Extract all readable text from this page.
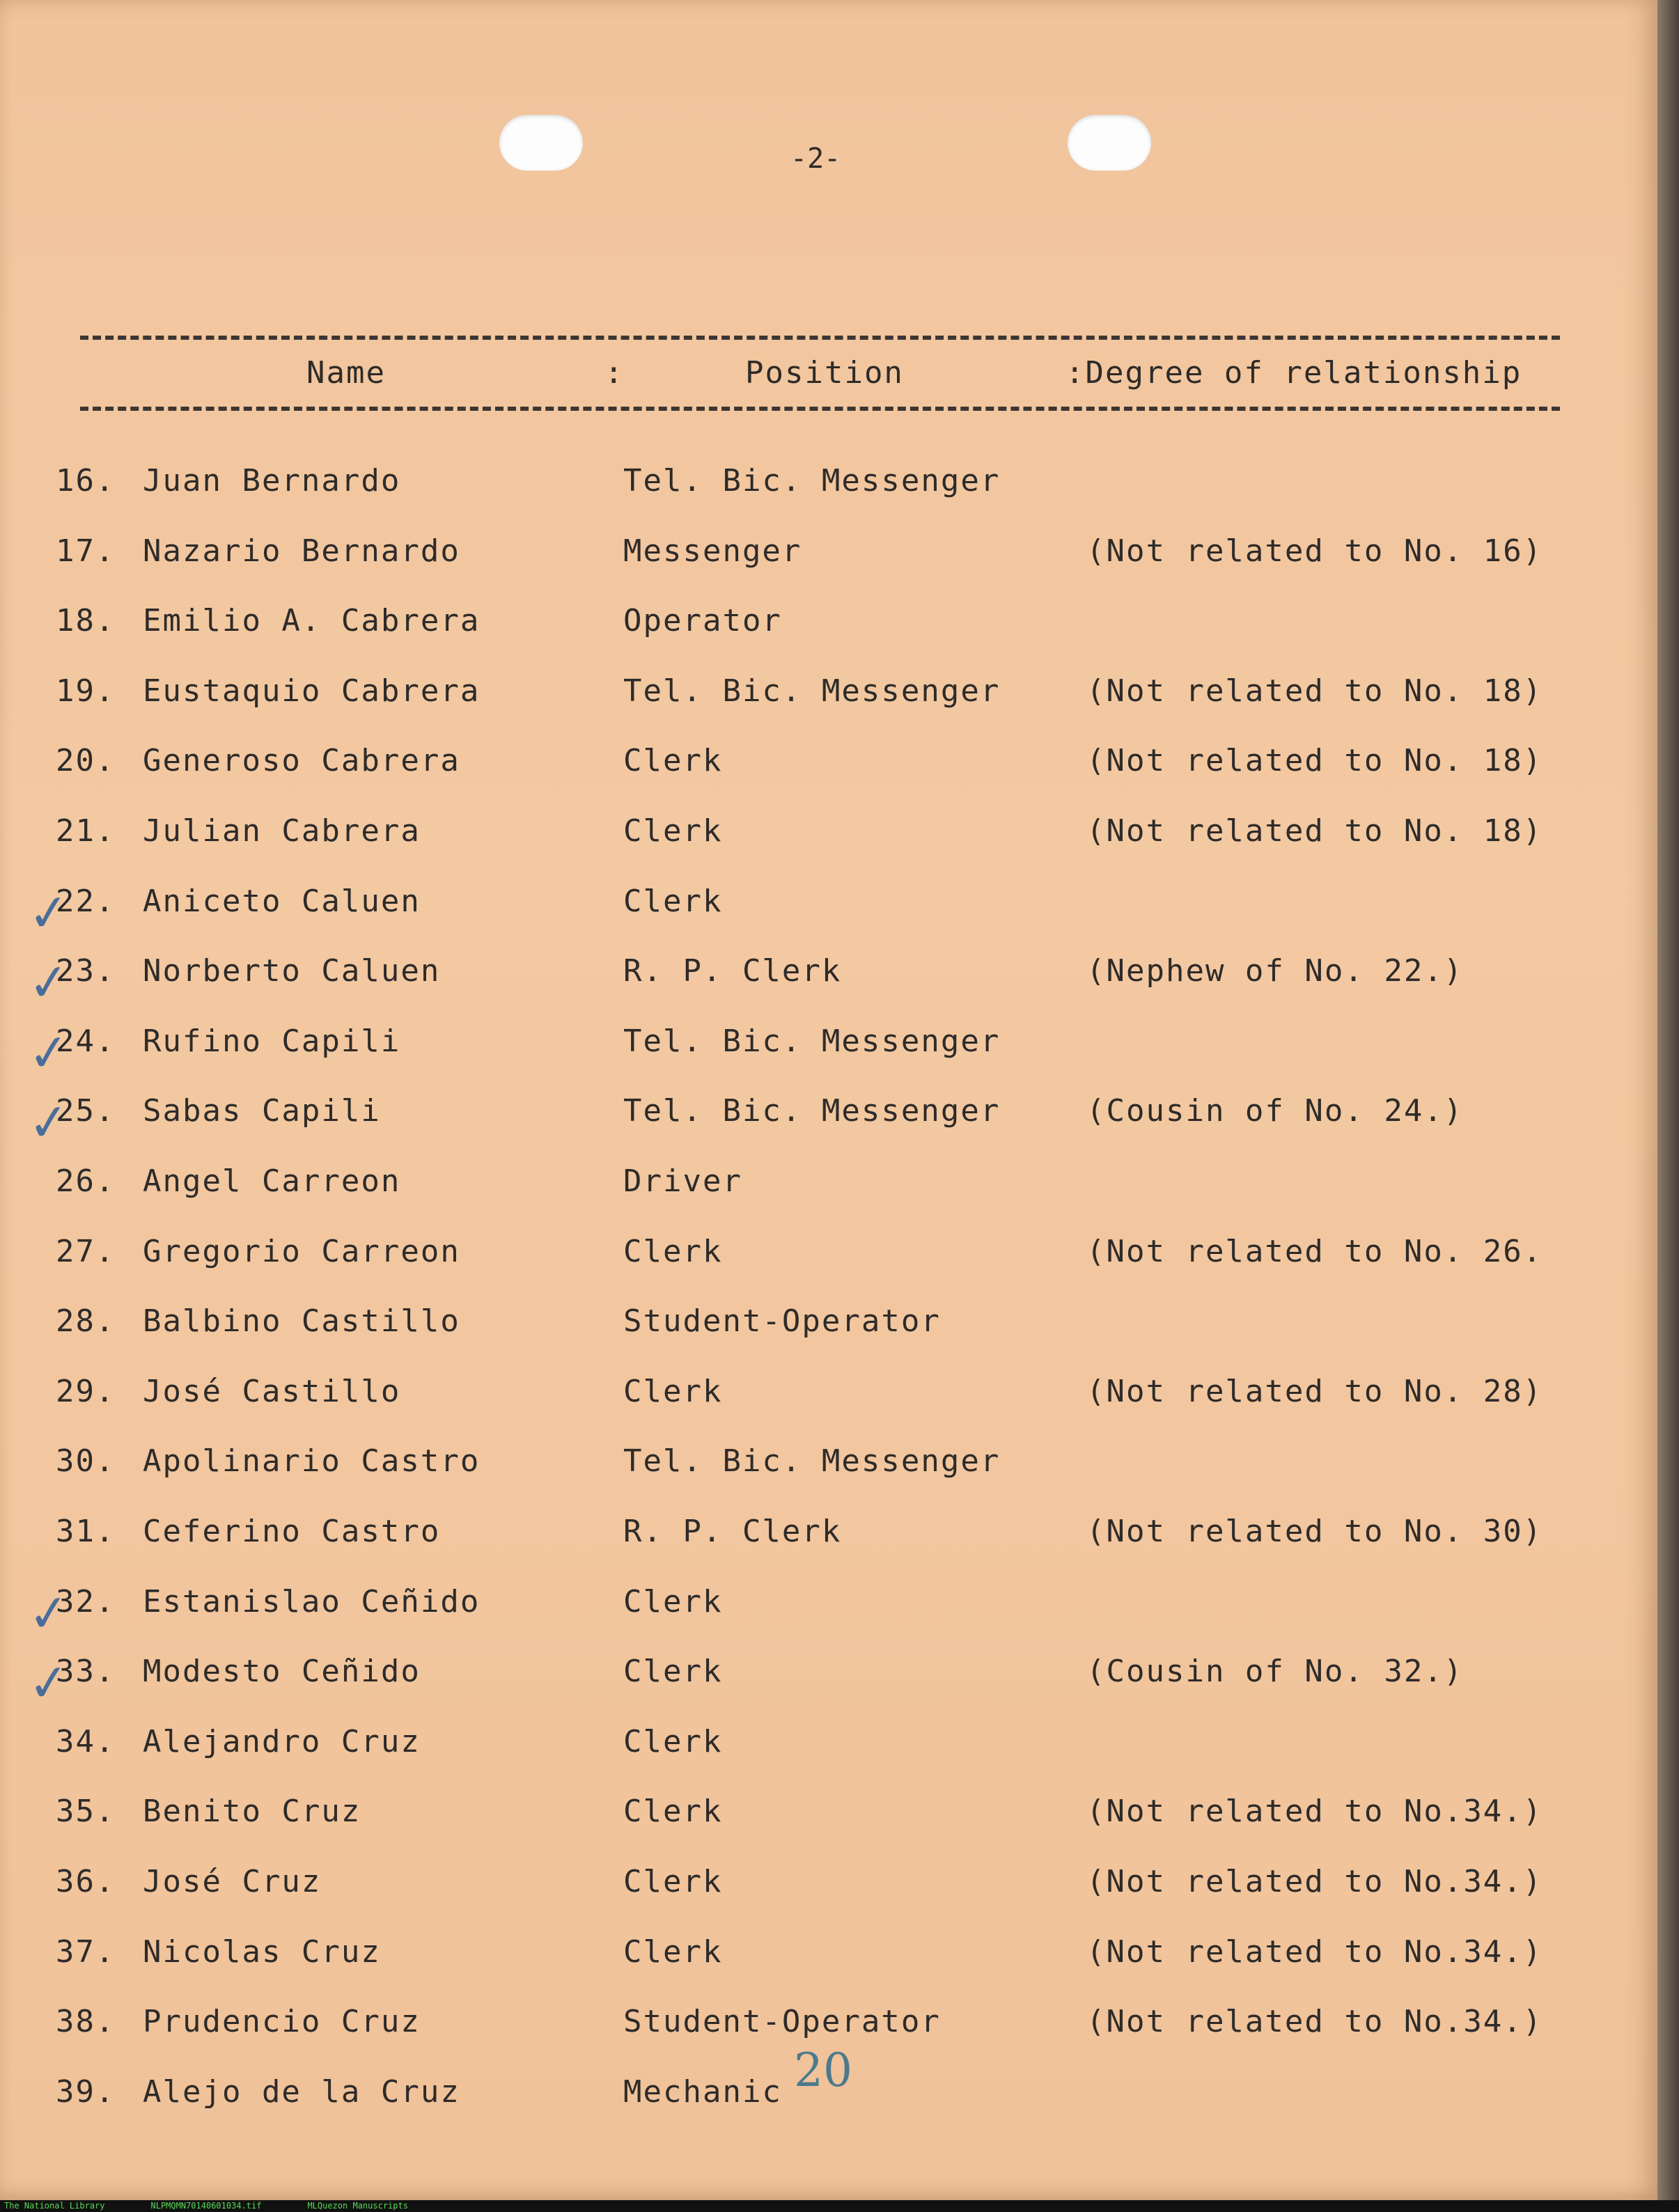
-2-
Name	:	Position	:Degree of relationship
16. Juan Bernardo	Tel. Bic. Messenger
17. Nazario Bernardo	Messenger	(Not related to No. 16)
18. Emilio A. Cabrera	Operator
19. Eustaquio Cabrera	Tel. Bic. Messenger	(Not related to No. 18)
20. Generoso Cabrera	Clerk	(Not related to No. 18)
21. Julian Cabrera	Clerk	(Not related to No. 18)
✓
22. Aniceto Caluen	Clerk
✓
23. Norberto Caluen	R. P. Clerk	(Nephew of No. 22.)
✓
24. Rufino Capili	Tel. Bic. Messenger
✓
25. Sabas Capili	Tel. Bic. Messenger	(Cousin of No. 24.)
26. Angel Carreon	Driver
27. Gregorio Carreon	Clerk	(Not related to No. 26.
28. Balbino Castillo	Student-Operator
29. José Castillo	Clerk	(Not related to No. 28)
30. Apolinario Castro	Tel. Bic. Messenger
31. Ceferino Castro	R. P. Clerk	(Not related to No. 30)
✓
32. Estanislao Ceñido	Clerk
✓
33. Modesto Ceñido	Clerk	(Cousin of No. 32.)
34. Alejandro Cruz	Clerk
35. Benito Cruz	Clerk	(Not related to No.34.)
36. José Cruz	Clerk	(Not related to No.34.)
37. Nicolas Cruz	Clerk	(Not related to No.34.)
38. Prudencio Cruz	Student-Operator	(Not related to No.34.)
39. Alejo de la Cruz	Mechanic 20
The National Library	NLPMQMN70140601034.tif	MLQuezon Manuscripts
